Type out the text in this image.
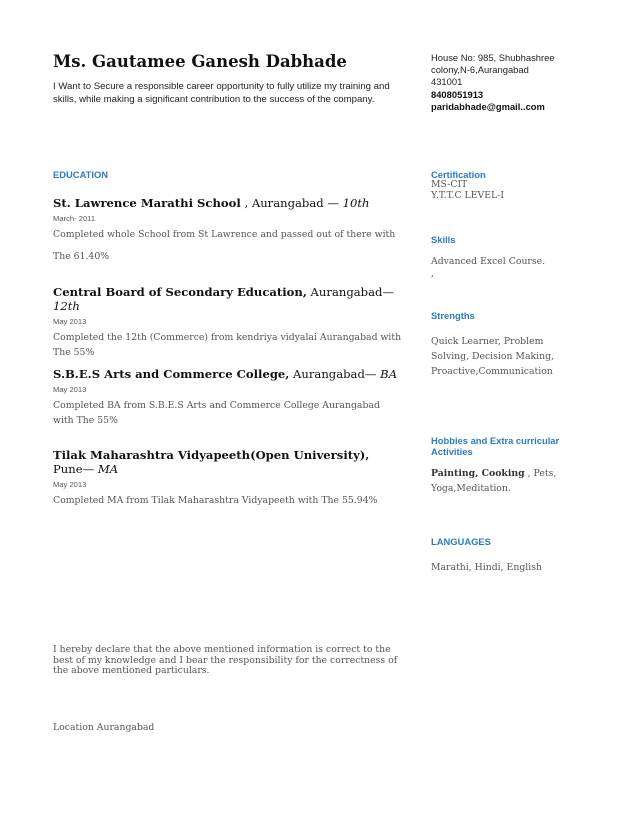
Ms. Gautamee Ganesh Dabhade
I Want to Secure a responsible career opportunity to fully utilize my training and skills, while making a significant contribution to the success of the company.
House No: 985, Shubhashree
colony,N-6,Aurangabad
431001
8408051913
paridabhade@gmail..com
EDUCATION
St. Lawrence Marathi School , Aurangabad — 10th
March- 2011
Completed whole School from St Lawrence and passed out of there with The 61.40%
Central Board of Secondary Education, Aurangabad— 12th
May 2013
Completed the 12th (Commerce) from kendriya vidyalai Aurangabad with The 55%
S.B.E.S Arts and Commerce College, Aurangabad— BA
May 2013
Completed BA from S.B.E.S Arts and Commerce College Aurangabad with The 55%
Tilak Maharashtra Vidyapeeth(Open University), Pune— MA
May 2013
Completed MA from Tilak Maharashtra Vidyapeeth with The 55.94%
Certification
MS-CIT
Y.T.T.C LEVEL-I
Skills
Advanced Excel Course.
,
Strengths
Quick Learner, Problem Solving, Decision Making, Proactive,Communication
Hobbies and Extra curricular Activities
Painting, Cooking , Pets, Yoga,Meditation.
LANGUAGES
Marathi, Hindi, English
I hereby declare that the above mentioned information is correct to the best of my knowledge and I bear the responsibility for the correctness of the above mentioned particulars.
Location Aurangabad
